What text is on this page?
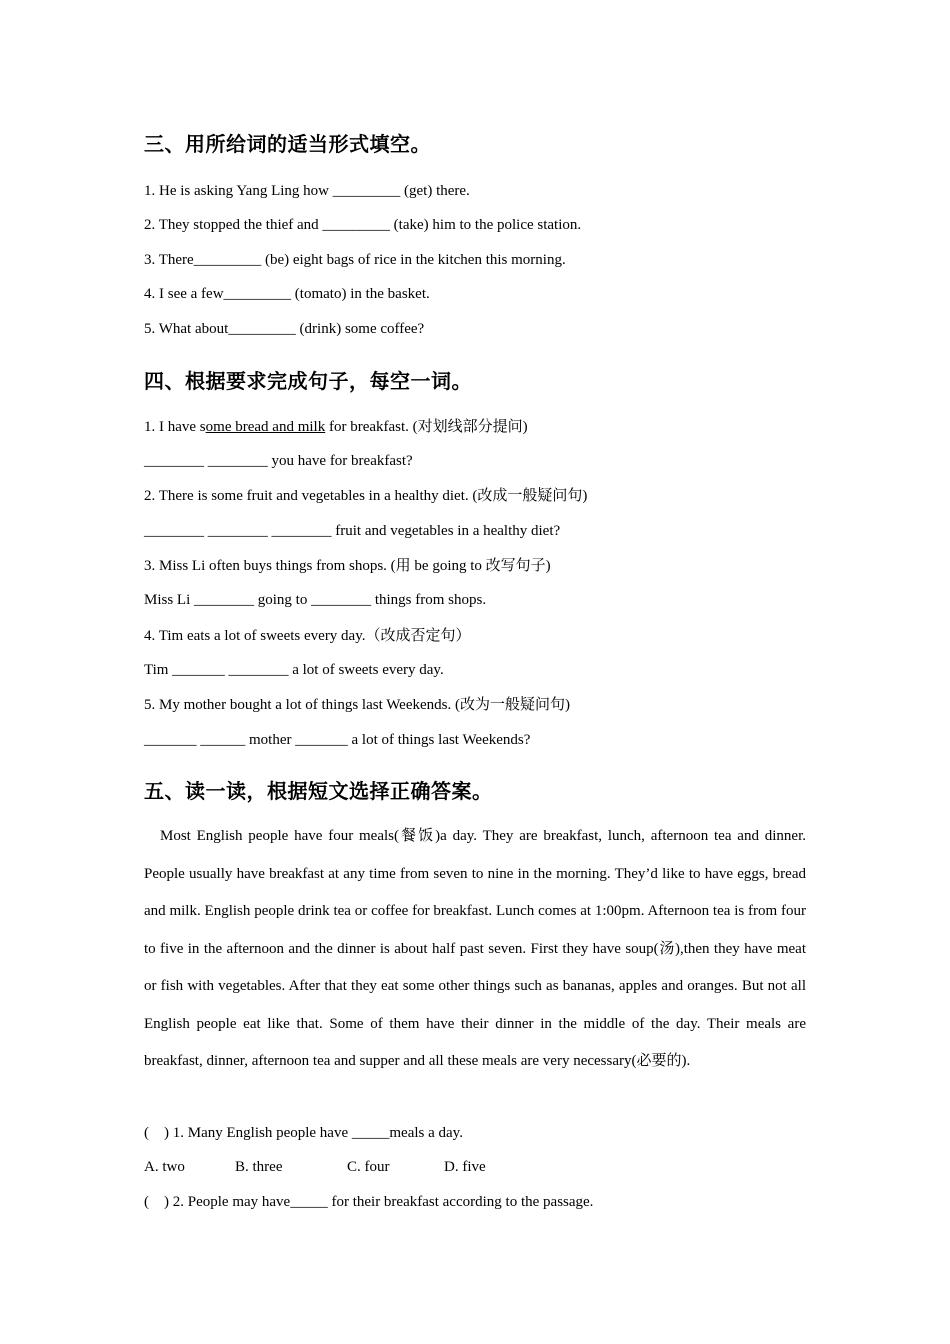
三、用所给词的适当形式填空。
1. He is asking Yang Ling how _________ (get) there.
2. They stopped the thief and _________ (take) him to the police station.
3. There_________ (be) eight bags of rice in the kitchen this morning.
4. I see a few_________ (tomato) in the basket.
5. What about_________ (drink) some coffee?
四、根据要求完成句子，每空一词。
1. I have some bread and milk for breakfast. (对划线部分提问)
________ ________ you have for breakfast?
2. There is some fruit and vegetables in a healthy diet. (改成一般疑问句)
________ ________ ________ fruit and vegetables in a healthy diet?
3. Miss Li often buys things from shops. (用 be going to 改写句子)
Miss Li ________ going to ________ things from shops.
4. Tim eats a lot of sweets every day.（改成否定句）
Tim _______ ________ a lot of sweets every day.
5. My mother bought a lot of things last Weekends. (改为一般疑问句)
_______ ______ mother _______ a lot of things last Weekends?
五、读一读，根据短文选择正确答案。
Most English people have four meals(餐饭)a day. They are breakfast, lunch, afternoon tea and dinner. People usually have breakfast at any time from seven to nine in the morning. They’d like to have eggs, bread and milk. English people drink tea or coffee for breakfast. Lunch comes at 1:00pm. Afternoon tea is from four to five in the afternoon and the dinner is about half past seven. First they have soup(汤),then they have meat or fish with vegetables. After that they eat some other things such as bananas, apples and oranges. But not all English people eat like that. Some of them have their dinner in the middle of the day. Their meals are breakfast, dinner, afternoon tea and supper and all these meals are very necessary(必要的).
(    ) 1. Many English people have _____meals a day.
A. two	B. three	C. four	D. five
(    ) 2. People may have_____ for their breakfast according to the passage.
